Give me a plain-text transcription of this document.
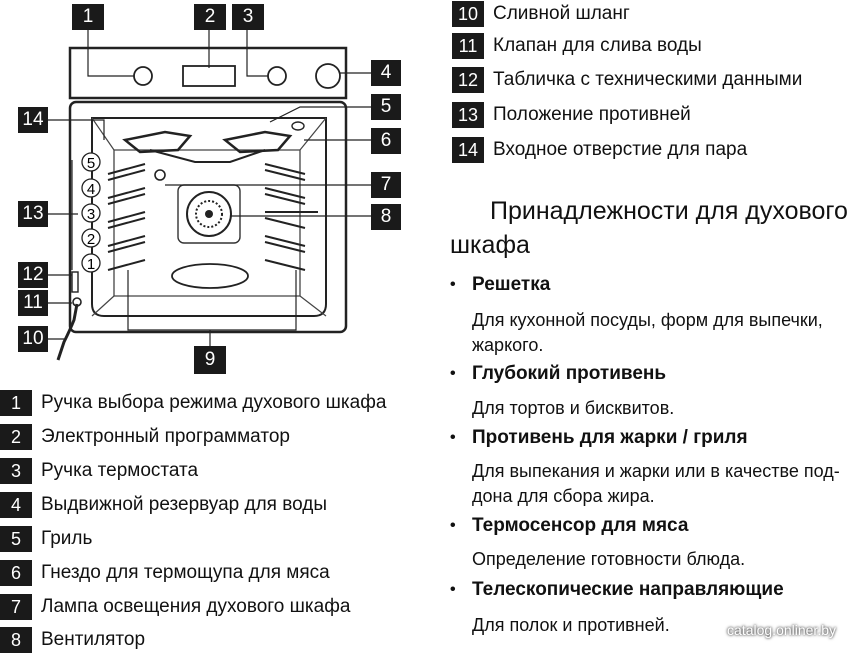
5
4
3
2
1
1	2	3
4
5
6
7
8
9
10
11
12
13
14
1	Ручка выбора режима духового шкафа
2	Электронный программатор
3	Ручка термостата
4	Выдвижной резервуар для воды
5	Гриль
6	Гнездо для термощупа для мяса
7	Лампа освещения духового шкафа
8	Вентилятор
10 Сливной шланг
11 Клапан для слива воды
12 Табличка с техническими данными
13 Положение противней
14 Входное отверстие для пара
Принадлежности для духового шкафа
• Решетка
Для кухонной посуды, форм для выпечки, жаркого.
• Глубокий противень
Для тортов и бисквитов.
• Противень для жарки / гриля
Для выпекания и жарки или в качестве под-дона для сбора жира.
• Термосенсор для мяса
Определение готовности блюда.
• Телескопические направляющие
Для полок и противней.	catalog.onliner.by
